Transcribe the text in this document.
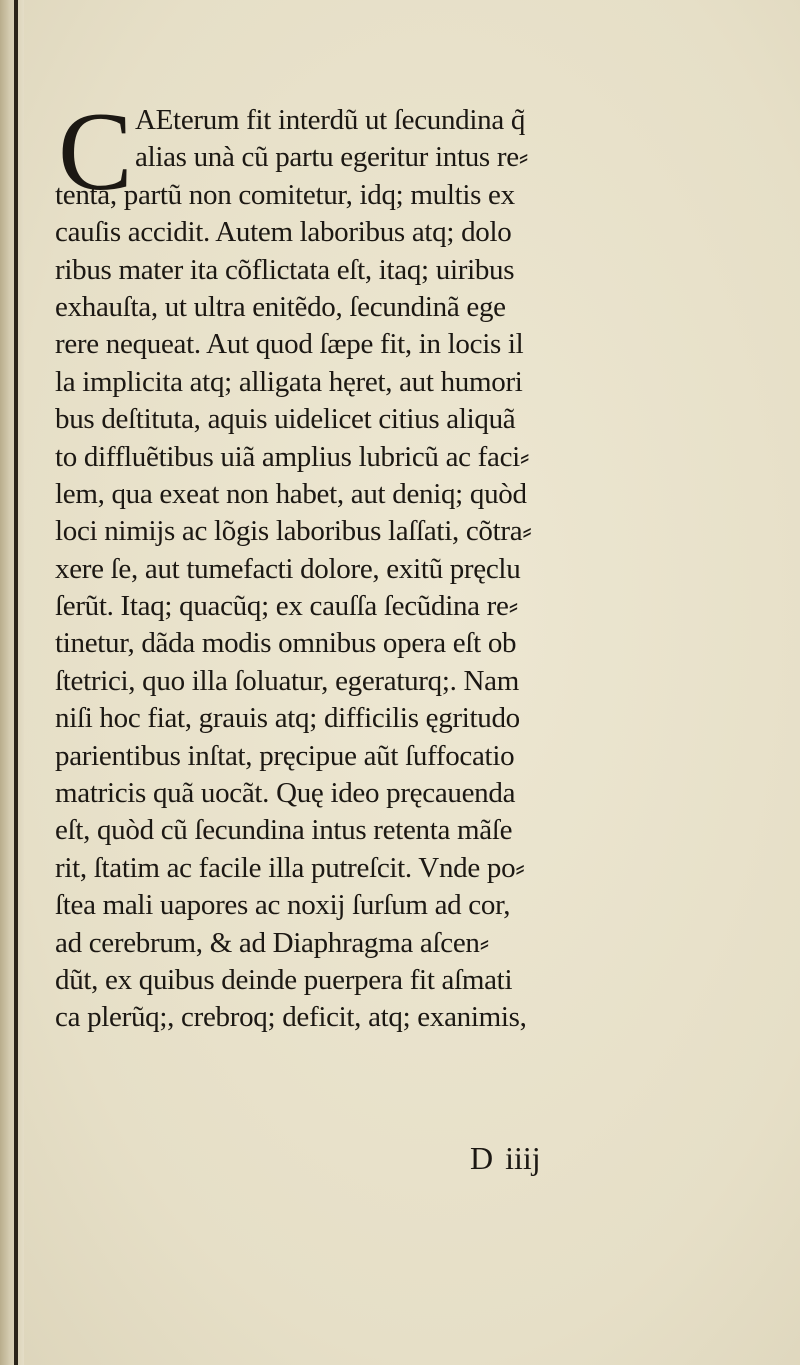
C AEterum fit interdũ ut ſecundina q̃
alias unà cũ partu egeritur intus re⸗
tenta, partũ non comitetur, idq; multis ex
cauſis accidit. Autem laboribus atq; dolo
ribus mater ita cõflictata eſt, itaq; uiribus
exhauſta, ut ultra enitẽdo, ſecundinã ege
rere nequeat. Aut quod ſæpe fit, in locis il
la implicita atq; alligata hęret, aut humori
bus deſtituta, aquis uidelicet citius aliquã
to diffluẽtibus uiã amplius lubricũ ac faci⸗
lem, qua exeat non habet, aut deniq; quòd
loci nimijs ac lõgis laboribus laſſati, cõtra⸗
xere ſe, aut tumefacti dolore, exitũ pręclu
ſerũt. Itaq; quacũq; ex cauſſa ſecũdina re⸗
tinetur, dãda modis omnibus opera eſt ob
ſtetrici, quo illa ſoluatur, egeraturq;. Nam
niſi hoc fiat, grauis atq; difficilis ęgritudo
parientibus inſtat, pręcipue aũt ſuffocatio
matricis quã uocãt. Quę ideo pręcauenda
eſt, quòd cũ ſecundina intus retenta mãſe
rit, ſtatim ac facile illa putreſcit. Vnde po⸗
ſtea mali uapores ac noxij ſurſum ad cor,
ad cerebrum, & ad Diaphragma aſcen⸗
dũt, ex quibus deinde puerpera fit aſmati
ca plerũq;, crebroq; deficit, atq; exanimis,
D iiij
